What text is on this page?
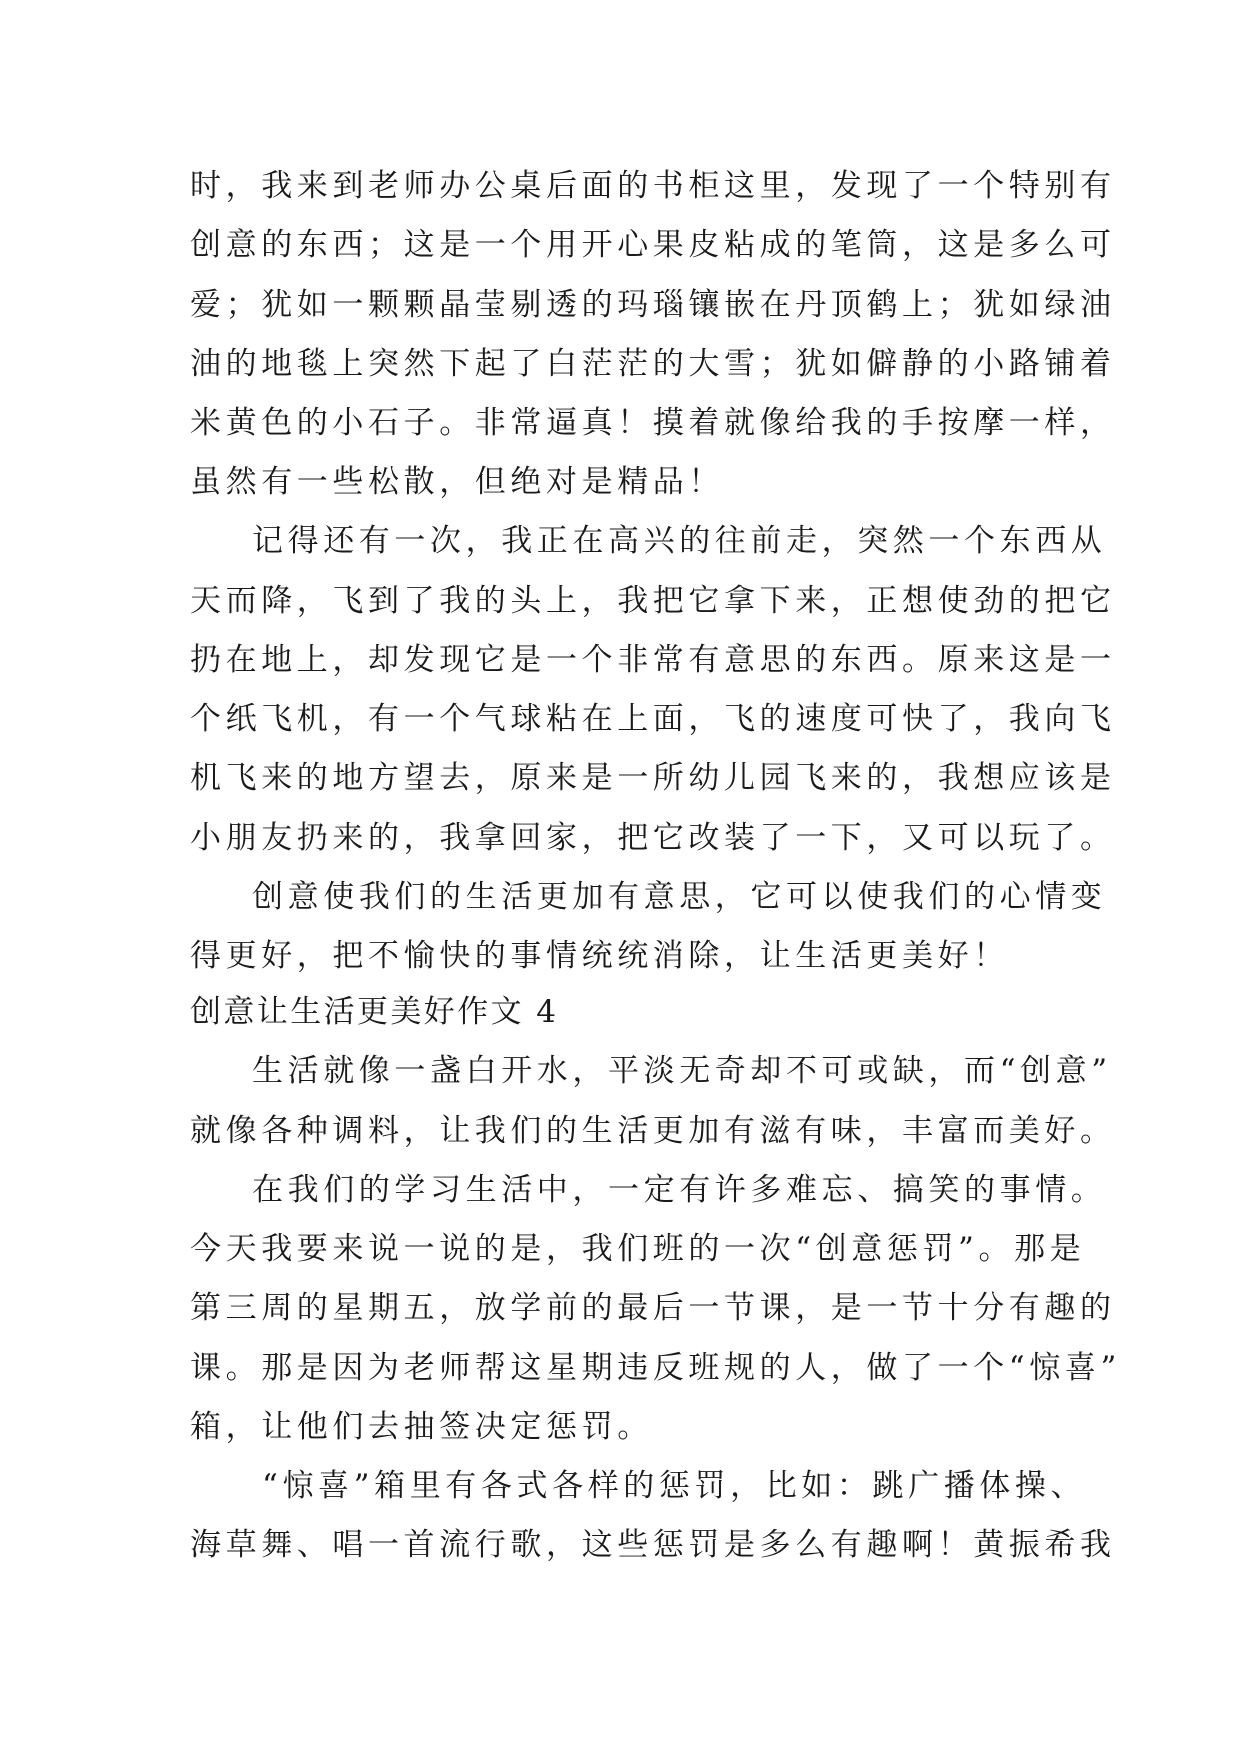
时，我来到老师办公桌后面的书柜这里，发现了一个特别有
创意的东西；这是一个用开心果皮粘成的笔筒，这是多么可
爱；犹如一颗颗晶莹剔透的玛瑙镶嵌在丹顶鹤上；犹如绿油
油的地毯上突然下起了白茫茫的大雪；犹如僻静的小路铺着
米黄色的小石子。非常逼真！摸着就像给我的手按摩一样，
虽然有一些松散，但绝对是精品！
记得还有一次，我正在高兴的往前走，突然一个东西从
天而降，飞到了我的头上，我把它拿下来，正想使劲的把它
扔在地上，却发现它是一个非常有意思的东西。原来这是一
个纸飞机，有一个气球粘在上面，飞的速度可快了，我向飞
机飞来的地方望去，原来是一所幼儿园飞来的，我想应该是
小朋友扔来的，我拿回家，把它改装了一下，又可以玩了。
创意使我们的生活更加有意思，它可以使我们的心情变
得更好，把不愉快的事情统统消除，让生活更美好！
创意让生活更美好作文 4
生活就像一盏白开水，平淡无奇却不可或缺，而“创意”
就像各种调料，让我们的生活更加有滋有味，丰富而美好。
在我们的学习生活中，一定有许多难忘、搞笑的事情。
今天我要来说一说的是，我们班的一次“创意惩罚”。那是
第三周的星期五，放学前的最后一节课，是一节十分有趣的
课。那是因为老师帮这星期违反班规的人，做了一个“惊喜”
箱，让他们去抽签决定惩罚。
“惊喜”箱里有各式各样的惩罚，比如：跳广播体操、
海草舞、唱一首流行歌，这些惩罚是多么有趣啊！黄振希我
